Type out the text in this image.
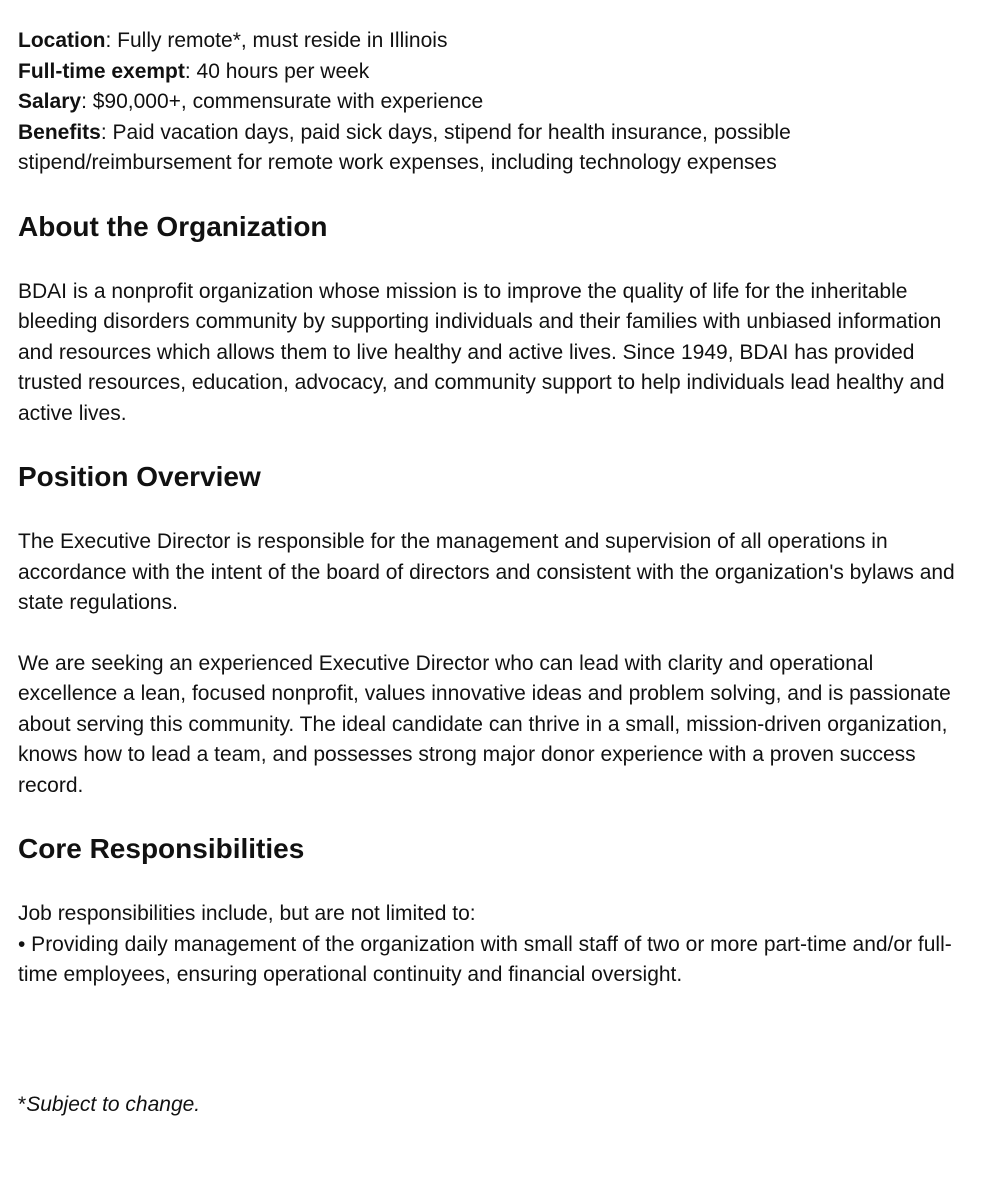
Location: Fully remote*, must reside in Illinois
Full-time exempt: 40 hours per week
Salary: $90,000+, commensurate with experience
Benefits: Paid vacation days, paid sick days, stipend for health insurance, possible stipend/reimbursement for remote work expenses, including technology expenses
About the Organization

BDAI is a nonprofit organization whose mission is to improve the quality of life for the inheritable bleeding disorders community by supporting individuals and their families with unbiased information and resources which allows them to live healthy and active lives. Since 1949, BDAI has provided trusted resources, education, advocacy, and community support to help individuals lead healthy and active lives.

Position Overview

The Executive Director is responsible for the management and supervision of all operations in accordance with the intent of the board of directors and consistent with the organization's bylaws and state regulations.

We are seeking an experienced Executive Director who can lead with clarity and operational excellence a lean, focused nonprofit, values innovative ideas and problem solving, and is passionate about serving this community. The ideal candidate can thrive in a small, mission-driven organization, knows how to lead a team, and possesses strong major donor experience with a proven success record.

Core Responsibilities

Job responsibilities include, but are not limited to:

• Providing daily management of the organization with small staff of two or more part-time and/or full-time employees, ensuring operational continuity and financial oversight.

*Subject to change.
